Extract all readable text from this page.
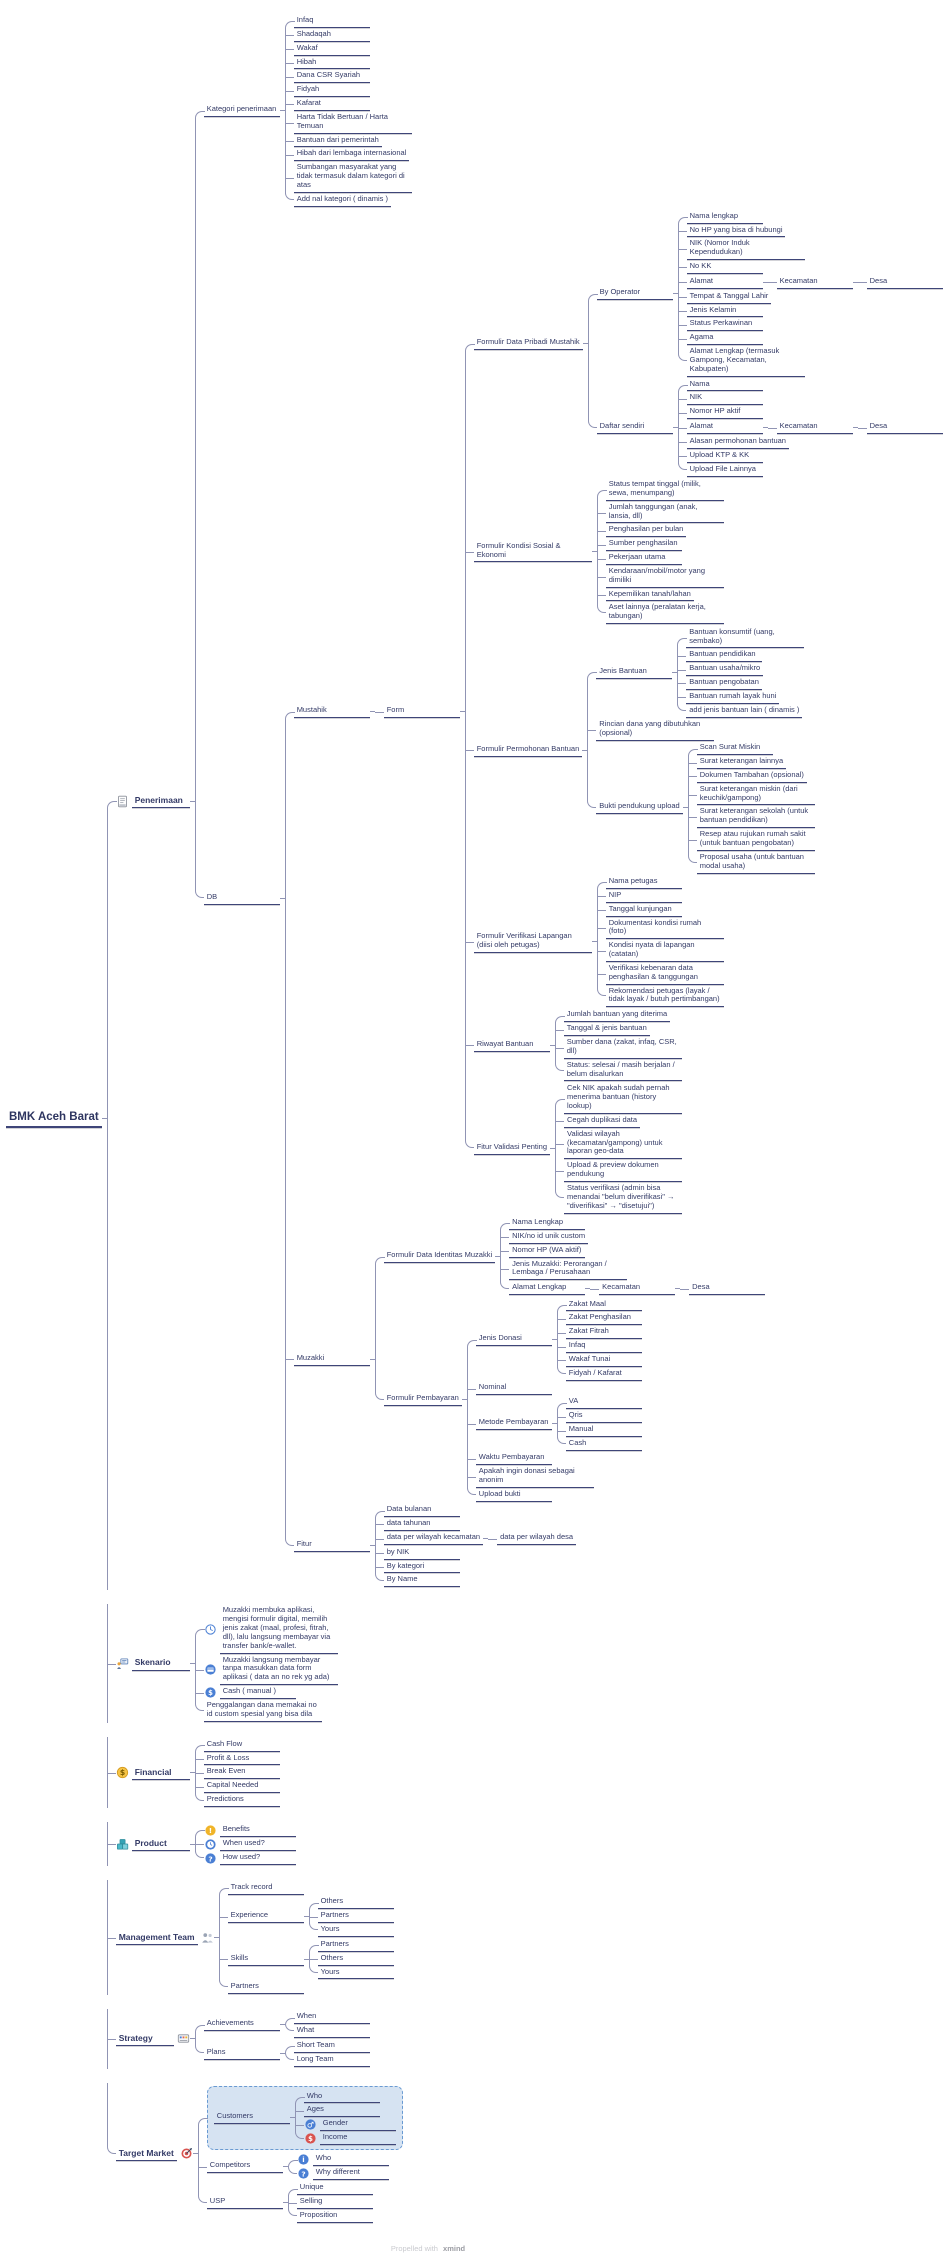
BMK Aceh Barat
Penerimaan
Kategori penerimaan
Infaq
Shadaqah
Wakaf
Hibah
Dana CSR Syariah
Fidyah
Kafarat
Harta Tidak Bertuan / Harta Temuan
Bantuan dari pemerintah
Hibah dari lembaga internasional
Sumbangan masyarakat yang tidak termasuk dalam kategori di atas
Add nal kategori ( dinamis )
DB
Mustahik	Form
Formulir Data Pribadi Mustahik
By Operator
Nama lengkap
No HP yang bisa di hubungi
NIK (Nomor Induk Kependudukan)
No KK
Alamat	Kecamatan	Desa
Tempat & Tanggal Lahir
Jenis Kelamin
Status Perkawinan
Agama
Alamat Lengkap (termasuk Gampong, Kecamatan, Kabupaten)
Daftar sendiri
Nama
NIK
Nomor HP aktif
Alamat	Kecamatan	Desa
Alasan permohonan bantuan
Upload KTP & KK
Upload File Lainnya
Formulir Kondisi Sosial & Ekonomi
Status tempat tinggal (milik, sewa, menumpang)
Jumlah tanggungan (anak, lansia, dll)
Penghasilan per bulan
Sumber penghasilan
Pekerjaan utama
Kendaraan/mobil/motor yang dimiliki
Kepemilikan tanah/lahan
Aset lainnya (peralatan kerja, tabungan)
Formulir Permohonan Bantuan
Jenis Bantuan
Bantuan konsumtif (uang, sembako)
Bantuan pendidikan
Bantuan usaha/mikro
Bantuan pengobatan
Bantuan rumah layak huni
add jenis bantuan lain ( dinamis )
Rincian dana yang dibutuhkan (opsional)
Bukti pendukung upload
Scan Surat Miskin
Surat keterangan lainnya
Dokumen Tambahan (opsional)
Surat keterangan miskin (dari keuchik/gampong)
Surat keterangan sekolah (untuk bantuan pendidikan)
Resep atau rujukan rumah sakit (untuk bantuan pengobatan)
Proposal usaha (untuk bantuan modal usaha)
Formulir Verifikasi Lapangan (diisi oleh petugas)
Nama petugas
NIP
Tanggal kunjungan
Dokumentasi kondisi rumah (foto)
Kondisi nyata di lapangan (catatan)
Verifikasi kebenaran data penghasilan & tanggungan
Rekomendasi petugas (layak / tidak layak / butuh pertimbangan)
Riwayat Bantuan
Jumlah bantuan yang diterima
Tanggal & jenis bantuan
Sumber dana (zakat, infaq, CSR, dll)
Status: selesai / masih berjalan / belum disalurkan
Fitur Validasi Penting
Cek NIK apakah sudah pernah menerima bantuan (history lookup)
Cegah duplikasi data
Validasi wilayah (kecamatan/gampong) untuk laporan geo-data
Upload & preview dokumen pendukung
Status verifikasi (admin bisa menandai "belum diverifikasi" → "diverifikasi" → "disetujui")
Muzakki
Formulir Data Identitas Muzakki
Nama Lengkap
NIK/no id unik custom
Nomor HP (WA aktif)
Jenis Muzakki: Perorangan / Lembaga / Perusahaan
Alamat Lengkap	Kecamatan	Desa
Formulir Pembayaran
Jenis Donasi
Zakat Maal
Zakat Penghasilan
Zakat Fitrah
Infaq
Wakaf Tunai
Fidyah / Kafarat
Nominal
Metode Pembayaran
VA
Qris
Manual
Cash
Waktu Pembayaran
Apakah ingin donasi sebagai anonim
Upload bukti
Fitur
Data bulanan
data tahunan
data per wilayah kecamatan	data per wilayah desa
by NIK
By kategori
By Name
Skenario
Muzakki membuka aplikasi, mengisi formulir digital, memilih jenis zakat (maal, profesi, fitrah, dll), lalu langsung membayar via transfer bank/e-wallet.
Muzakki langsung membayar tanpa masukkan data form aplikasi ( data an no rek yg ada)
$	Cash ( manual )
Penggalangan dana memakai no id custom spesial yang bisa dila
$	Financial
Cash Flow
Profit & Loss
Break Even
Capital Needed
Predictions
Product
!	Benefits
When used?
?	How used?
Management Team
Track record
Experience
Others
Partners
Yours
Skills
Partners
Others
Yours
Partners
Strategy
Achievements
When
What
Plans
Short Team
Long Team
Target Market
Customers
Who
Ages
♂	Gender
$	Income
Competitors
i	Who
?	Why different
USP
Unique
Selling
Proposition
Propelled with xmind
